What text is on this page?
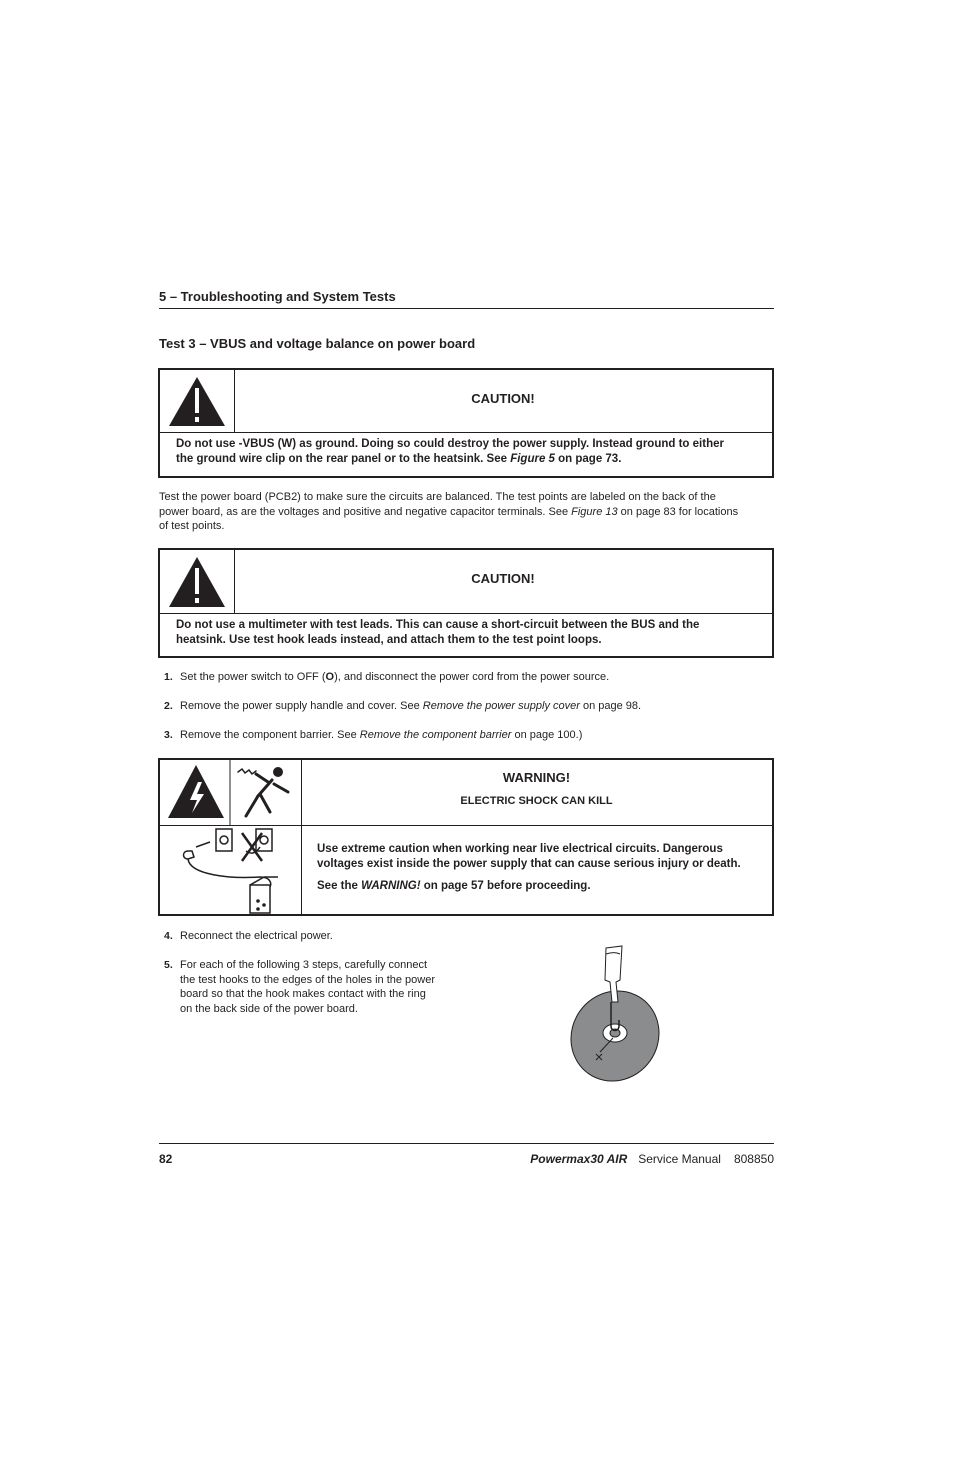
5 – Troubleshooting and System Tests
Test 3 – VBUS and voltage balance on power board
CAUTION!
Do not use -VBUS (W) as ground. Doing so could destroy the power supply. Instead ground to either
the ground wire clip on the rear panel or to the heatsink. See Figure 5 on page 73.
Test the power board (PCB2) to make sure the circuits are balanced. The test points are labeled on the back of the
power board, as are the voltages and positive and negative capacitor terminals. See Figure 13 on page 83 for locations
of test points.
CAUTION!
Do not use a multimeter with test leads. This can cause a short-circuit between the BUS and the
heatsink. Use test hook leads instead, and attach them to the test point loops.
1. Set the power switch to OFF (O), and disconnect the power cord from the power source.
2. Remove the power supply handle and cover. See Remove the power supply cover on page 98.
3. Remove the component barrier. See Remove the component barrier on page 100.)
WARNING!
ELECTRIC SHOCK CAN KILL
Use extreme caution when working near live electrical circuits. Dangerous
voltages exist inside the power supply that can cause serious injury or death.
See the WARNING! on page 57 before proceeding.
4. Reconnect the electrical power.
5. For each of the following 3 steps, carefully connect
the test hooks to the edges of the holes in the power
board so that the hook makes contact with the ring
on the back side of the power board.
82	Powermax30 AIR Service Manual 808850
